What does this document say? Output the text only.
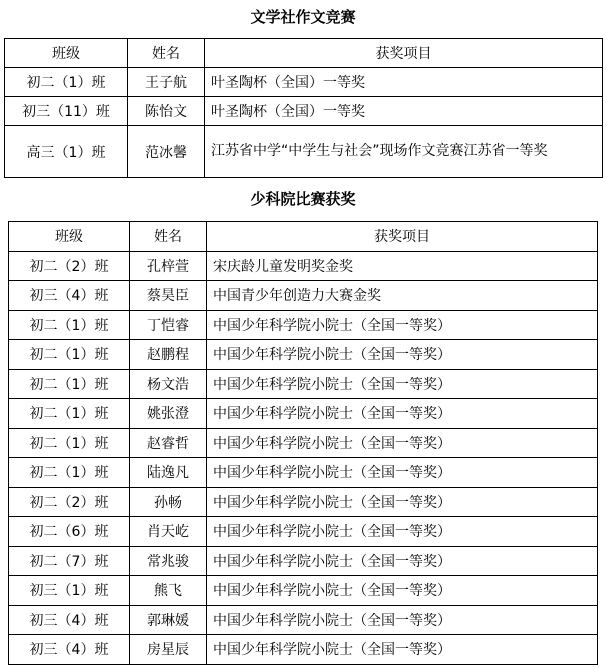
文学社作文竞赛
班级	姓名	获奖项目
初二（1）班	王子航	叶圣陶杯（全国）一等奖
初三（11）班	陈怡文	叶圣陶杯（全国）一等奖
高三（1）班	范冰馨	江苏省中学“中学生与社会”现场作文竞赛江苏省一等奖
少科院比赛获奖
班级	姓名	获奖项目
初二（2）班	孔梓萱	宋庆龄儿童发明奖金奖
初三（4）班	蔡昊臣	中国青少年创造力大赛金奖
初二（1）班	丁恺睿	中国少年科学院小院士（全国一等奖）
初二（1）班	赵鹏程	中国少年科学院小院士（全国一等奖）
初二（1）班	杨文浩	中国少年科学院小院士（全国一等奖）
初二（1）班	姚张澄	中国少年科学院小院士（全国一等奖）
初二（1）班	赵睿哲	中国少年科学院小院士（全国一等奖）
初二（1）班	陆逸凡	中国少年科学院小院士（全国一等奖）
初二（2）班	孙畅	中国少年科学院小院士（全国一等奖）
初二（6）班	肖天屹	中国少年科学院小院士（全国一等奖）
初二（7）班	常兆骏	中国少年科学院小院士（全国一等奖）
初三（1）班	熊飞	中国少年科学院小院士（全国一等奖）
初三（4）班	郭琳媛	中国少年科学院小院士（全国一等奖）
初三（4）班	房星辰	中国少年科学院小院士（全国一等奖）
